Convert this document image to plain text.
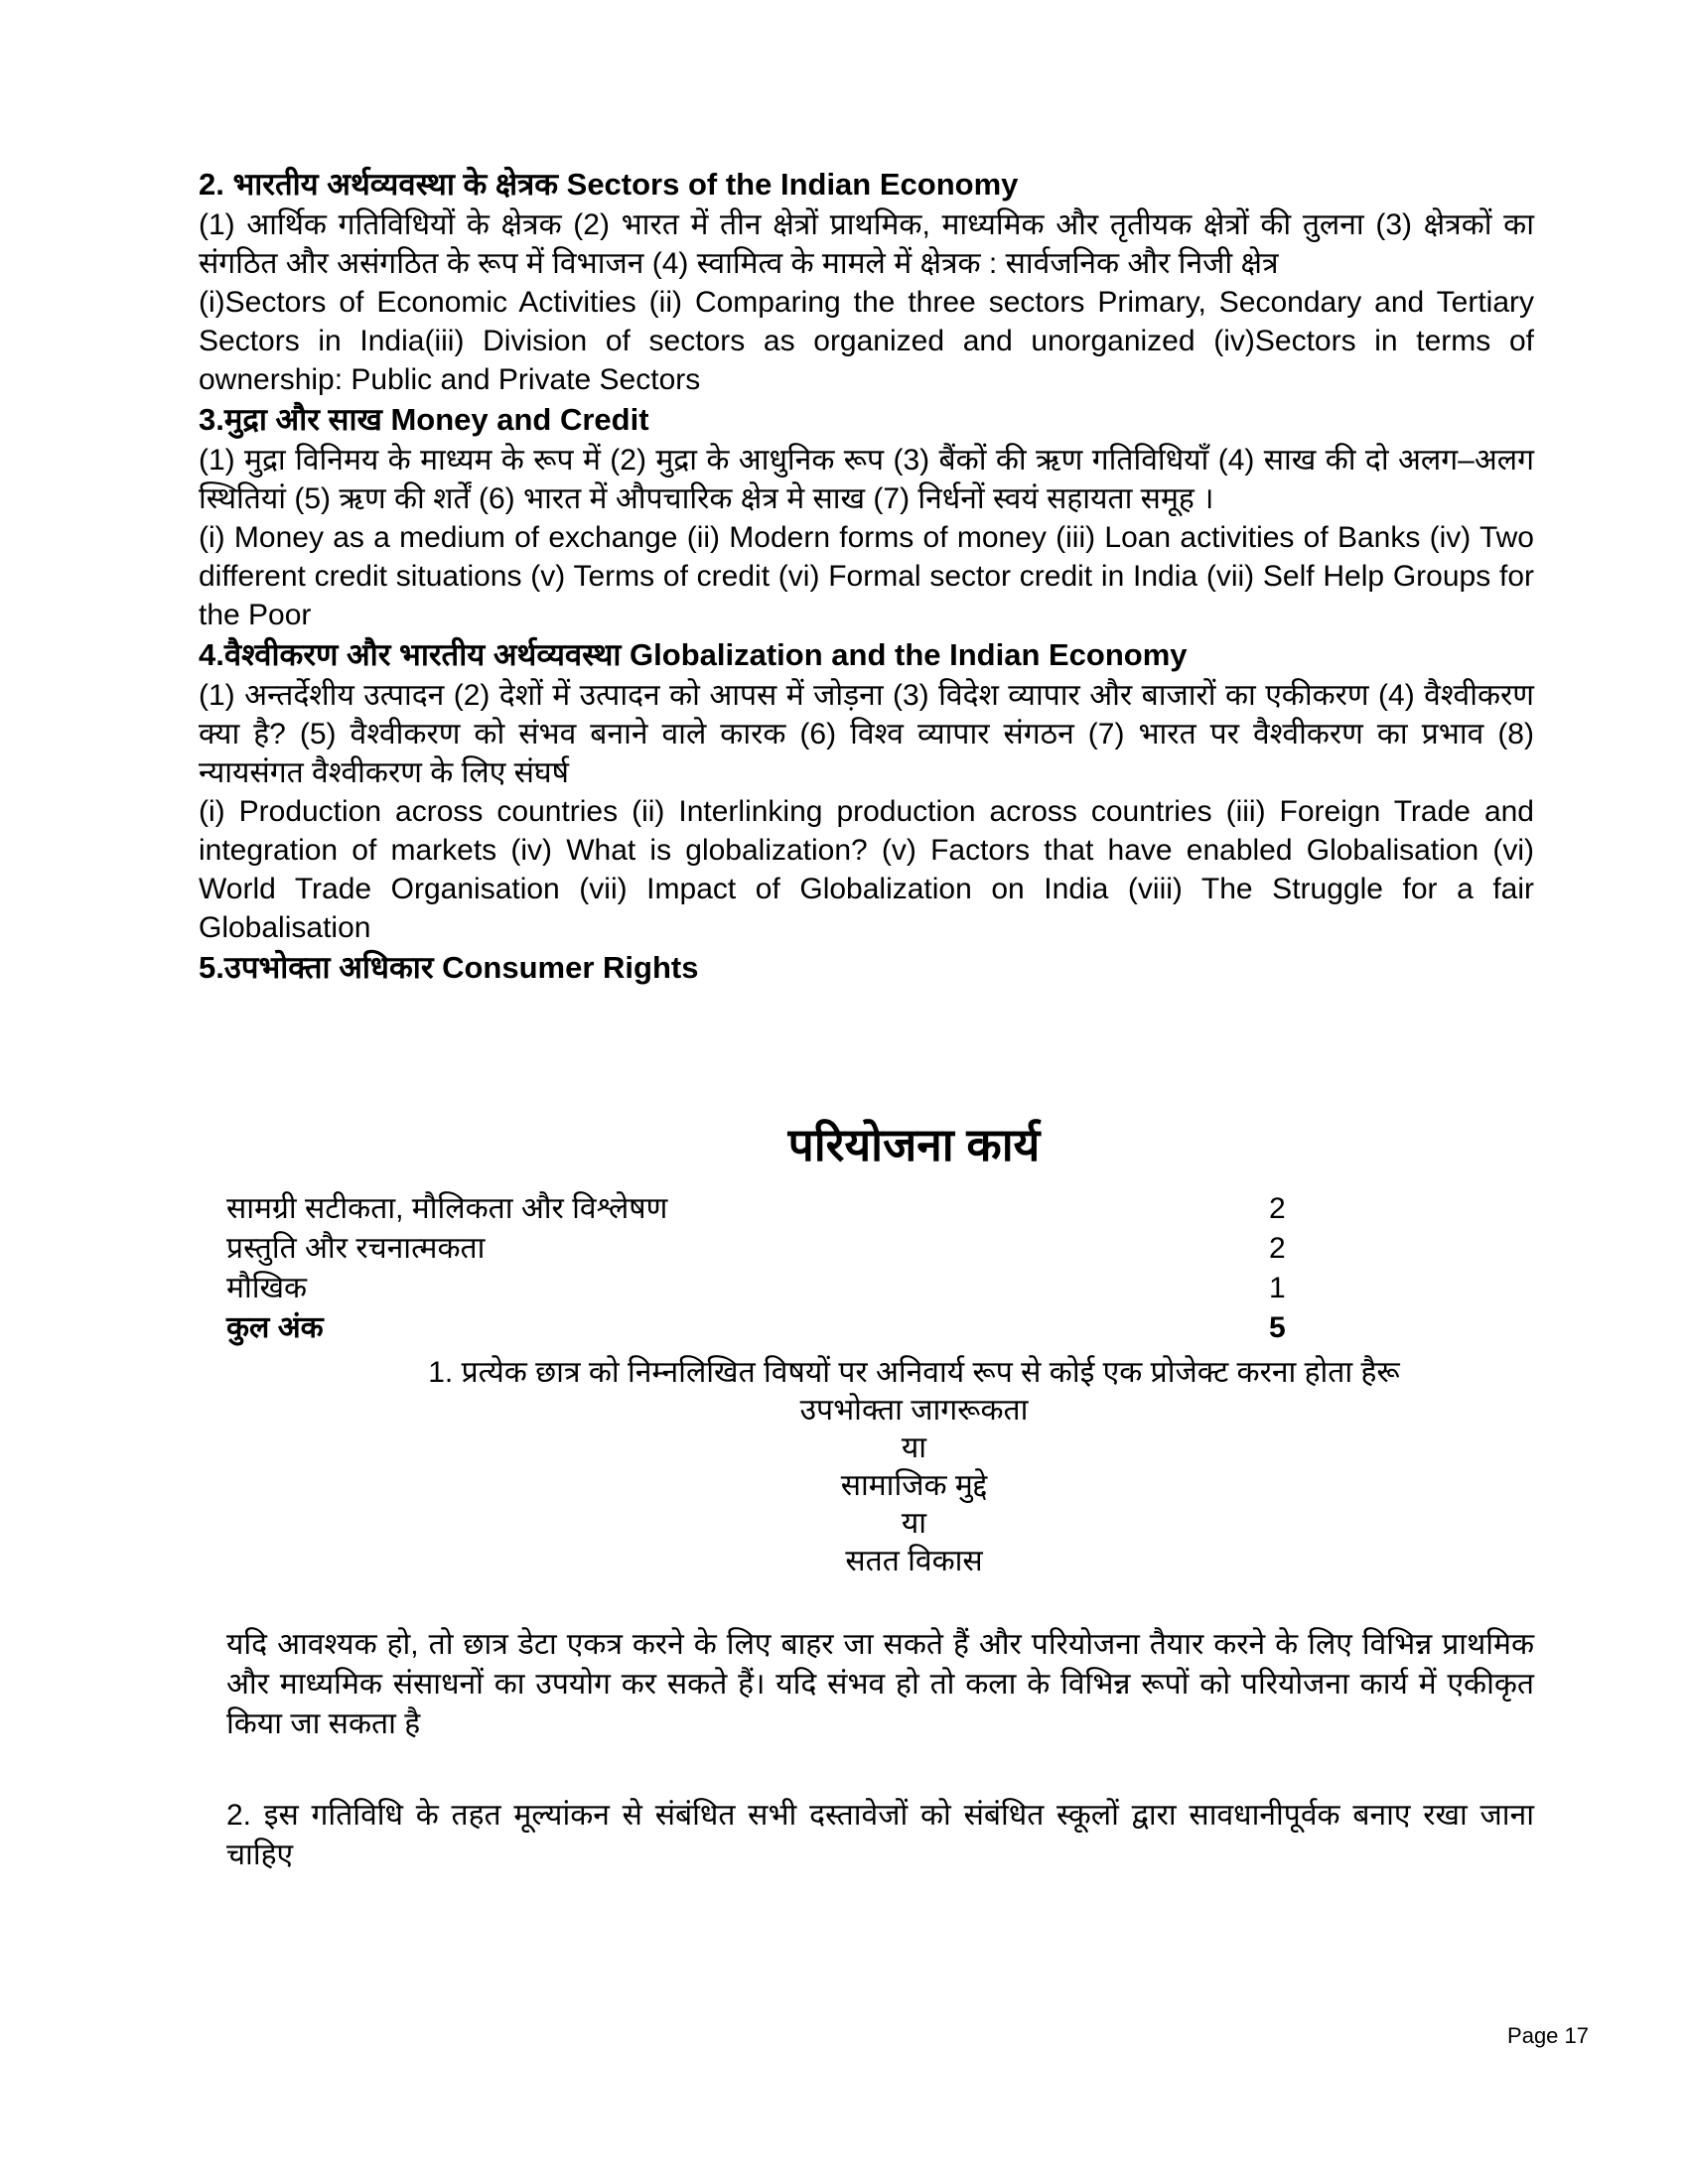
2. भारतीय अर्थव्यवस्था के क्षेत्रक Sectors of the Indian Economy

(1) आर्थिक गतिविधियों के क्षेत्रक (2) भारत में तीन क्षेत्रों प्राथमिक, माध्यमिक और तृतीयक क्षेत्रों की तुलना (3) क्षेत्रकों का संगठित और असंगठित के रूप में विभाजन (4) स्वामित्व के मामले में क्षेत्रक : सार्वजनिक और निजी क्षेत्र

(i)Sectors of Economic Activities (ii) Comparing the three sectors Primary, Secondary and Tertiary Sectors in India(iii) Division of sectors as organized and unorganized (iv)Sectors in terms of ownership: Public and Private Sectors

3.मुद्रा और साख Money and Credit

(1) मुद्रा विनिमय के माध्यम के रूप में (2) मुद्रा के आधुनिक रूप (3) बैंकों की ऋण गतिविधियाँ (4) साख की दो अलग–अलग स्थितियां (5) ऋण की शर्तें (6) भारत में औपचारिक क्षेत्र मे साख (7) निर्धनों स्वयं सहायता समूह ।

(i) Money as a medium of exchange (ii) Modern forms of money (iii) Loan activities of Banks (iv) Two different credit situations (v) Terms of credit (vi) Formal sector credit in India (vii) Self Help Groups for the Poor

4.वैश्वीकरण और भारतीय अर्थव्यवस्था Globalization and the Indian Economy

(1) अन्तर्देशीय उत्पादन (2) देशों में उत्पादन को आपस में जोड़ना (3) विदेश व्यापार और बाजारों का एकीकरण (4) वैश्वीकरण क्या है? (5) वैश्वीकरण को संभव बनाने वाले कारक (6) विश्व व्यापार संगठन (7) भारत पर वैश्वीकरण का प्रभाव (8) न्यायसंगत वैश्वीकरण के लिए संघर्ष

(i) Production across countries (ii) Interlinking production across countries (iii) Foreign Trade and integration of markets (iv) What is globalization? (v) Factors that have enabled Globalisation (vi) World Trade Organisation (vii) Impact of Globalization on India (viii) The Struggle for a fair Globalisation

5.उपभोक्ता अधिकार Consumer Rights
परियोजना कार्य
सामग्री सटीकता, मौलिकता और विश्लेषण	2
प्रस्तुति और रचनात्मकता	2
मौखिक	1
कुल अंक	5

1. प्रत्येक छात्र को निम्नलिखित विषयों पर अनिवार्य रूप से कोई एक प्रोजेक्ट करना होता हैरू

उपभोक्ता जागरूकता

या

सामाजिक मुद्दे

या

सतत विकास

यदि आवश्यक हो, तो छात्र डेटा एकत्र करने के लिए बाहर जा सकते हैं और परियोजना तैयार करने के लिए विभिन्न प्राथमिक और माध्यमिक संसाधनों का उपयोग कर सकते हैं। यदि संभव हो तो कला के विभिन्न रूपों को परियोजना कार्य में एकीकृत किया जा सकता है

2. इस गतिविधि के तहत मूल्यांकन से संबंधित सभी दस्तावेजों को संबंधित स्कूलों द्वारा सावधानीपूर्वक बनाए रखा जाना चाहिए

Page 17
